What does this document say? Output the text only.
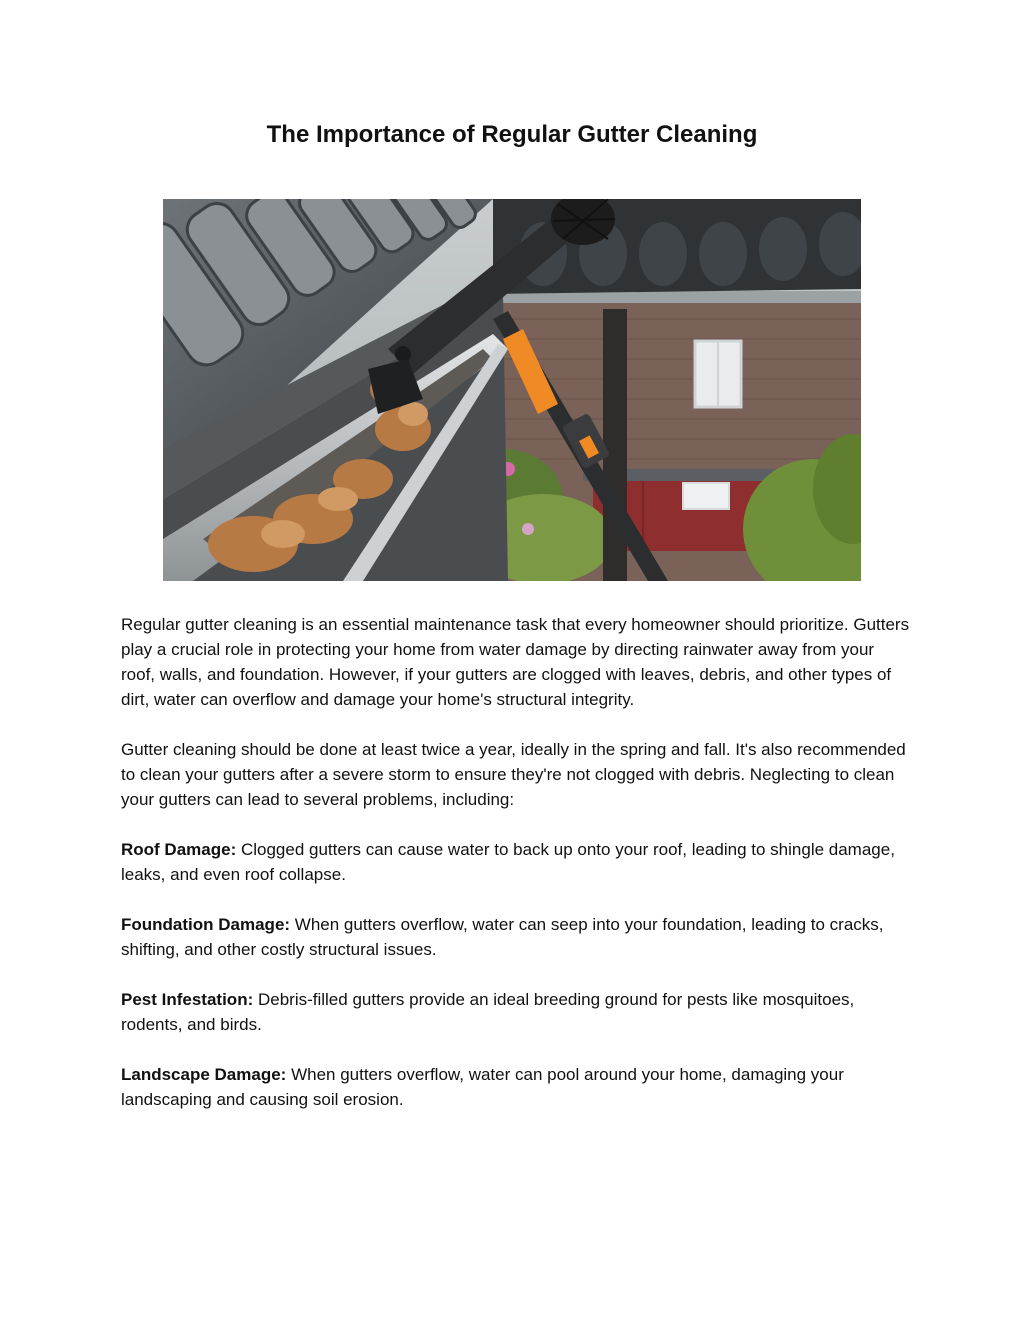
The Importance of Regular Gutter Cleaning

Regular gutter cleaning is an essential maintenance task that every homeowner should prioritize. Gutters play a crucial role in protecting your home from water damage by directing rainwater away from your roof, walls, and foundation. However, if your gutters are clogged with leaves, debris, and other types of dirt, water can overflow and damage your home's structural integrity.

Gutter cleaning should be done at least twice a year, ideally in the spring and fall. It's also recommended to clean your gutters after a severe storm to ensure they're not clogged with debris. Neglecting to clean your gutters can lead to several problems, including:

Roof Damage: Clogged gutters can cause water to back up onto your roof, leading to shingle damage, leaks, and even roof collapse.

Foundation Damage: When gutters overflow, water can seep into your foundation, leading to cracks, shifting, and other costly structural issues.

Pest Infestation: Debris-filled gutters provide an ideal breeding ground for pests like mosquitoes, rodents, and birds.

Landscape Damage: When gutters overflow, water can pool around your home, damaging your landscaping and causing soil erosion.
